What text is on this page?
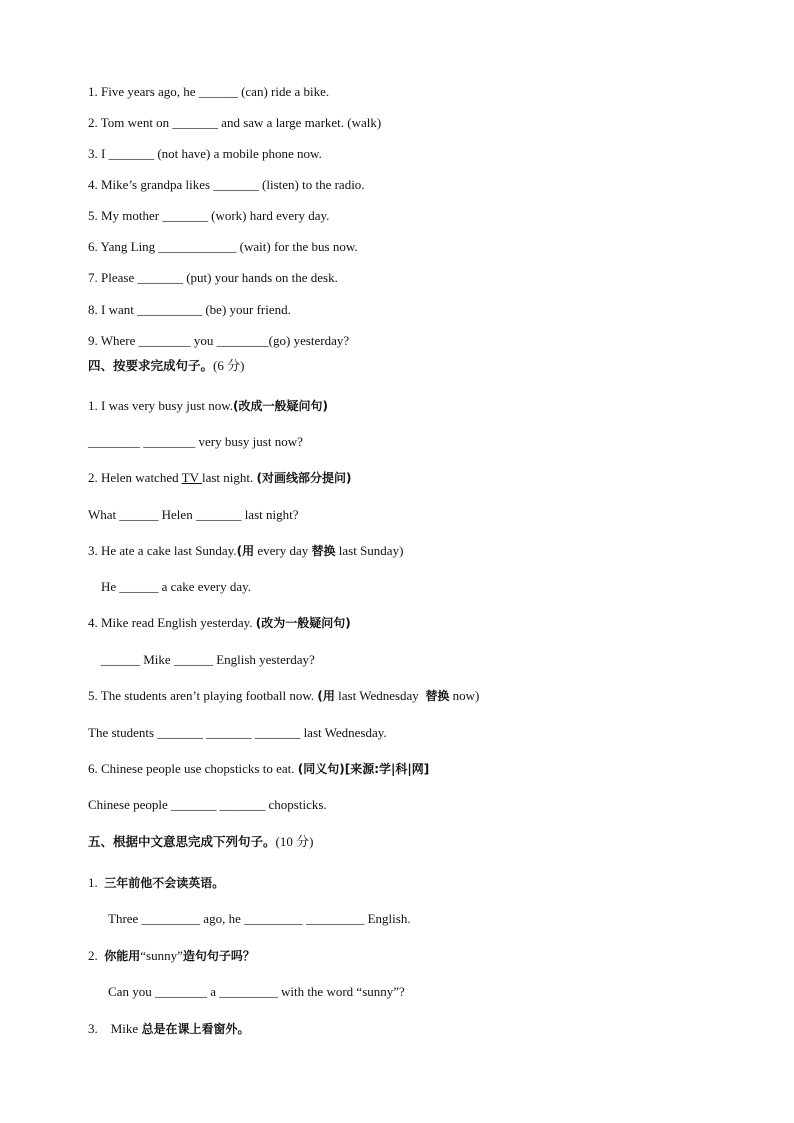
1. Five years ago, he ______ (can) ride a bike.
2. Tom went on _______ and saw a large market. (walk)
3. I _______ (not have) a mobile phone now.
4. Mike’s grandpa likes _______ (listen) to the radio.
5. My mother _______ (work) hard every day.
6. Yang Ling ____________ (wait) for the bus now.
7. Please _______ (put) your hands on the desk.
8. I want __________ (be) your friend.
9. Where ________ you ________(go) yesterday?
四、按要求完成句子。(6 分)
1. I was very busy just now.(改成一般疑问句)
________ ________ very busy just now?
2. Helen watched TV last night. (对画线部分提问)
What ______ Helen _______ last night?
3. He ate a cake last Sunday.(用 every day 替换 last Sunday)
He ______ a cake every day.
4. Mike read English yesterday. (改为一般疑问句)
______ Mike ______ English yesterday?
5. The students aren’t playing football now. (用 last Wednesday  替换 now)
The students _______ _______ _______ last Wednesday.
6. Chinese people use chopsticks to eat. (同义句)[来源:学|科|网]
Chinese people _______ _______ chopsticks.
五、根据中文意思完成下列句子。(10 分)
1.  三年前他不会读英语。
Three _________ ago, he _________ _________ English.
2.  你能用“sunny”造句句子吗？
Can you ________ a _________ with the word “sunny”?
3.    Mike 总是在课上看窗外。
